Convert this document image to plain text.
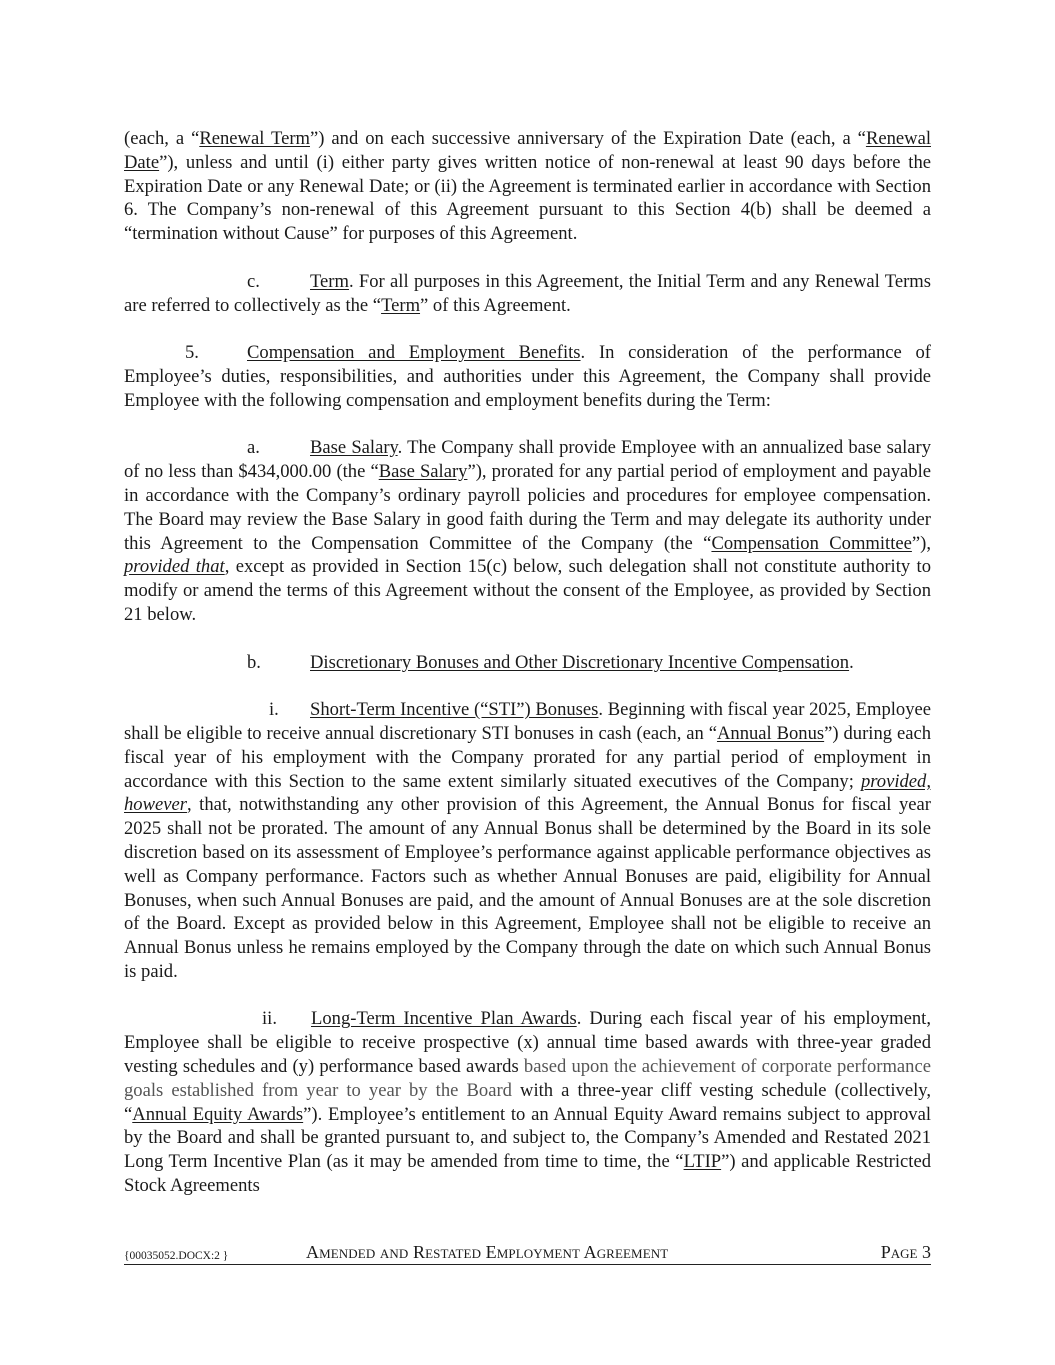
(each, a “Renewal Term”) and on each successive anniversary of the Expiration Date (each, a “Renewal Date”), unless and until (i) either party gives written notice of non-renewal at least 90 days before the Expiration Date or any Renewal Date; or (ii) the Agreement is terminated earlier in accordance with Section 6. The Company’s non-renewal of this Agreement pursuant to this Section 4(b) shall be deemed a “termination without Cause” for purposes of this Agreement.

c.	Term. For all purposes in this Agreement, the Initial Term and any Renewal Terms are referred to collectively as the “Term” of this Agreement.

5.	Compensation and Employment Benefits. In consideration of the performance of Employee’s duties, responsibilities, and authorities under this Agreement, the Company shall provide Employee with the following compensation and employment benefits during the Term:

a.	Base Salary. The Company shall provide Employee with an annualized base salary of no less than $434,000.00 (the “Base Salary”), prorated for any partial period of employment and payable in accordance with the Company’s ordinary payroll policies and procedures for employee compensation. The Board may review the Base Salary in good faith during the Term and may delegate its authority under this Agreement to the Compensation Committee of the Company (the “Compensation Committee”), provided that, except as provided in Section 15(c) below, such delegation shall not constitute authority to modify or amend the terms of this Agreement without the consent of the Employee, as provided by Section 21 below.

b.	Discretionary Bonuses and Other Discretionary Incentive Compensation.

i. Short-Term Incentive (“STI”) Bonuses. Beginning with fiscal year 2025, Employee shall be eligible to receive annual discretionary STI bonuses in cash (each, an “Annual Bonus”) during each fiscal year of his employment with the Company prorated for any partial period of employment in accordance with this Section to the same extent similarly situated executives of the Company; provided, however, that, notwithstanding any other provision of this Agreement, the Annual Bonus for fiscal year 2025 shall not be prorated. The amount of any Annual Bonus shall be determined by the Board in its sole discretion based on its assessment of Employee’s performance against applicable performance objectives as well as Company performance. Factors such as whether Annual Bonuses are paid, eligibility for Annual Bonuses, when such Annual Bonuses are paid, and the amount of Annual Bonuses are at the sole discretion of the Board. Except as provided below in this Agreement, Employee shall not be eligible to receive an Annual Bonus unless he remains employed by the Company through the date on which such Annual Bonus is paid.

ii. Long-Term Incentive Plan Awards. During each fiscal year of his employment, Employee shall be eligible to receive prospective (x) annual time based awards with three-year graded vesting schedules and (y) performance based awards based upon the achievement of corporate performance goals established from year to year by the Board with a three-year cliff vesting schedule (collectively, “Annual Equity Awards”). Employee’s entitlement to an Annual Equity Award remains subject to approval by the Board and shall be granted pursuant to, and subject to, the Company’s Amended and Restated 2021 Long Term Incentive Plan (as it may be amended from time to time, the “LTIP”) and applicable Restricted Stock Agreements

{00035052.DOCX:2 }	Amended and Restated Employment Agreement	Page 3
